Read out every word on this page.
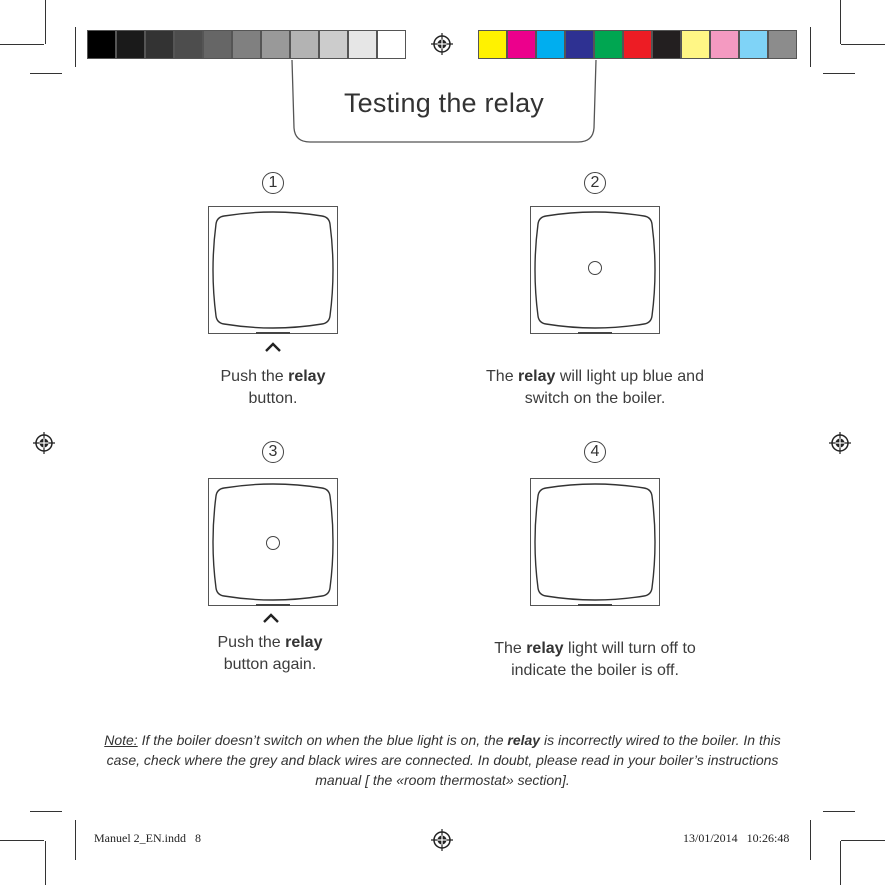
Testing the relay
1
Push the relay
button.
2
The relay will light up blue and switch on the boiler.
3
Push the relay
button again.
4
The relay light will turn off to indicate the boiler is off.
Note: If the boiler doesn’t switch on when the blue light is on, the relay is incorrectly wired to the boiler. In this case, check where the grey and black wires are connected. In doubt, please read in your boiler’s instructions manual [ the «room thermostat» section].
Manuel 2_EN.indd   8	13/01/2014   10:26:48
